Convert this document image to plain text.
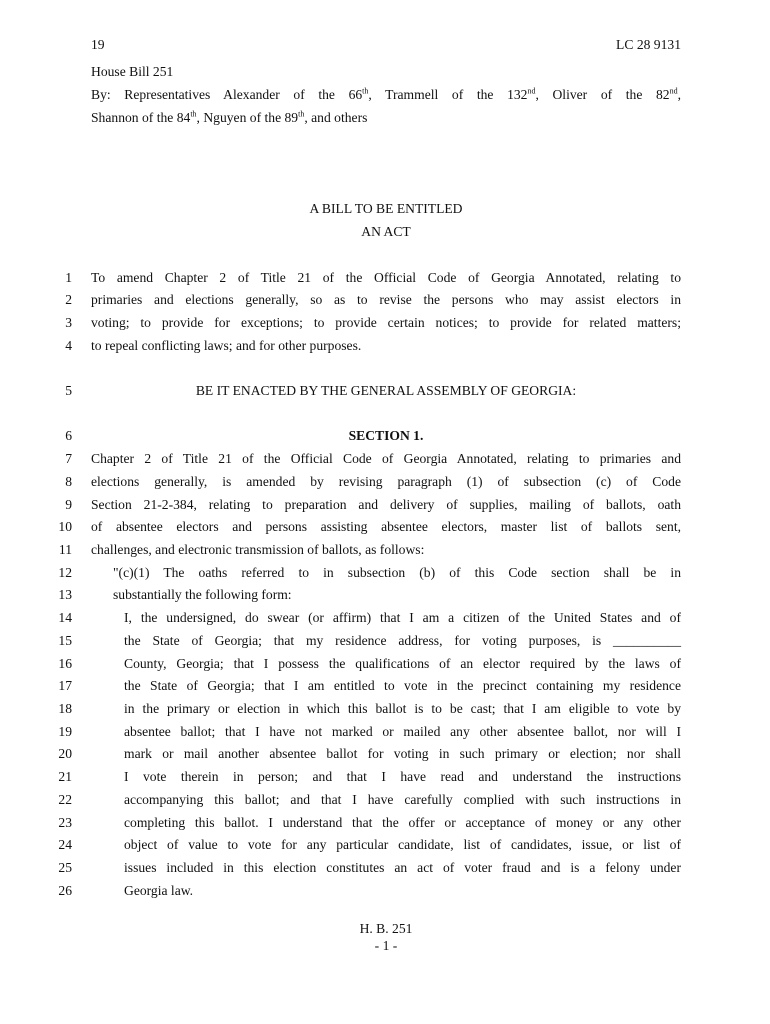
19	LC 28 9131
House Bill 251
By: Representatives Alexander of the 66th, Trammell of the 132nd, Oliver of the 82nd,
Shannon of the 84th, Nguyen of the 89th, and others
A BILL TO BE ENTITLED
AN ACT
1 To amend Chapter 2 of Title 21 of the Official Code of Georgia Annotated, relating to
2 primaries and elections generally, so as to revise the persons who may assist electors in
3 voting; to provide for exceptions; to provide certain notices; to provide for related matters;
4 to repeal conflicting laws; and for other purposes.
5	BE IT ENACTED BY THE GENERAL ASSEMBLY OF GEORGIA:
6	SECTION 1.
7 Chapter 2 of Title 21 of the Official Code of Georgia Annotated, relating to primaries and
8 elections generally, is amended by revising paragraph (1) of subsection (c) of Code
9 Section 21-2-384, relating to preparation and delivery of supplies, mailing of ballots, oath
10 of absentee electors and persons assisting absentee electors, master list of ballots sent,
11 challenges, and electronic transmission of ballots, as follows:
12	"(c)(1) The oaths referred to in subsection (b) of this Code section shall be in
13	substantially the following form:
14	I, the undersigned, do swear (or affirm) that I am a citizen of the United States and of
15	the State of Georgia; that my residence address, for voting purposes, is __________
16	County, Georgia; that I possess the qualifications of an elector required by the laws of
17	the State of Georgia; that I am entitled to vote in the precinct containing my residence
18	in the primary or election in which this ballot is to be cast; that I am eligible to vote by
19	absentee ballot; that I have not marked or mailed any other absentee ballot, nor will I
20	mark or mail another absentee ballot for voting in such primary or election; nor shall
21	I vote therein in person; and that I have read and understand the instructions
22	accompanying this ballot; and that I have carefully complied with such instructions in
23	completing this ballot. I understand that the offer or acceptance of money or any other
24	object of value to vote for any particular candidate, list of candidates, issue, or list of
25	issues included in this election constitutes an act of voter fraud and is a felony under
26	Georgia law.
H. B. 251
- 1 -
